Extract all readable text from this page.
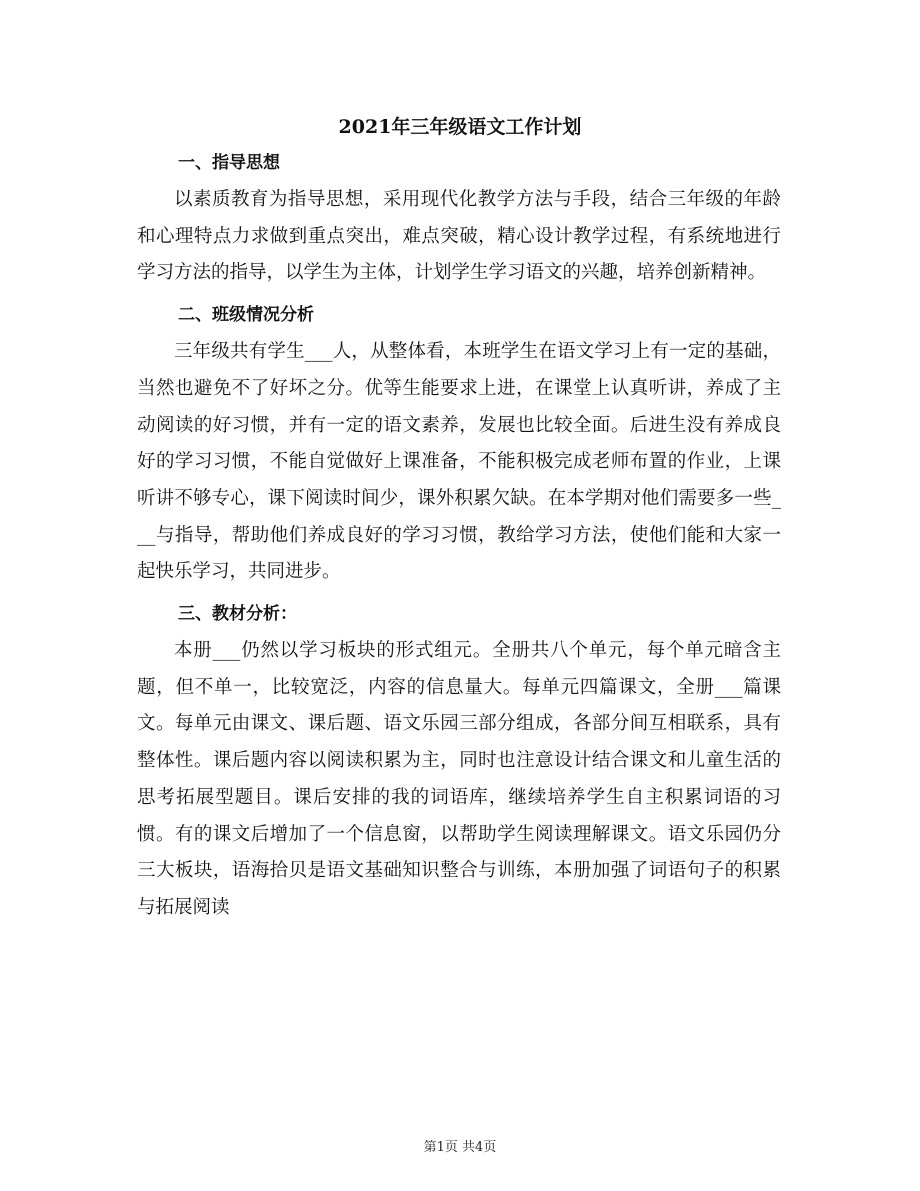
2021年三年级语文工作计划
一、指导思想

以素质教育为指导思想，采用现代化教学方法与手段，结合三年级的年龄和心理特点力求做到重点突出，难点突破，精心设计教学过程，有系统地进行学习方法的指导，以学生为主体，计划学生学习语文的兴趣，培养创新精神。

二、班级情况分析

三年级共有学生___人，从整体看，本班学生在语文学习上有一定的基础，当然也避免不了好坏之分。优等生能要求上进，在课堂上认真听讲，养成了主动阅读的好习惯，并有一定的语文素养，发展也比较全面。后进生没有养成良好的学习习惯，不能自觉做好上课准备，不能积极完成老师布置的作业，上课听讲不够专心，课下阅读时间少，课外积累欠缺。在本学期对他们需要多一些___与指导，帮助他们养成良好的学习习惯，教给学习方法，使他们能和大家一起快乐学习，共同进步。

三、教材分析：

本册___仍然以学习板块的形式组元。全册共八个单元，每个单元暗含主题，但不单一，比较宽泛，内容的信息量大。每单元四篇课文，全册___篇课文。每单元由课文、课后题、语文乐园三部分组成，各部分间互相联系，具有整体性。课后题内容以阅读积累为主，同时也注意设计结合课文和儿童生活的思考拓展型题目。课后安排的我的词语库，继续培养学生自主积累词语的习惯。有的课文后增加了一个信息窗，以帮助学生阅读理解课文。语文乐园仍分三大板块，语海拾贝是语文基础知识整合与训练，本册加强了词语句子的积累与拓展阅读

第1页 共4页
